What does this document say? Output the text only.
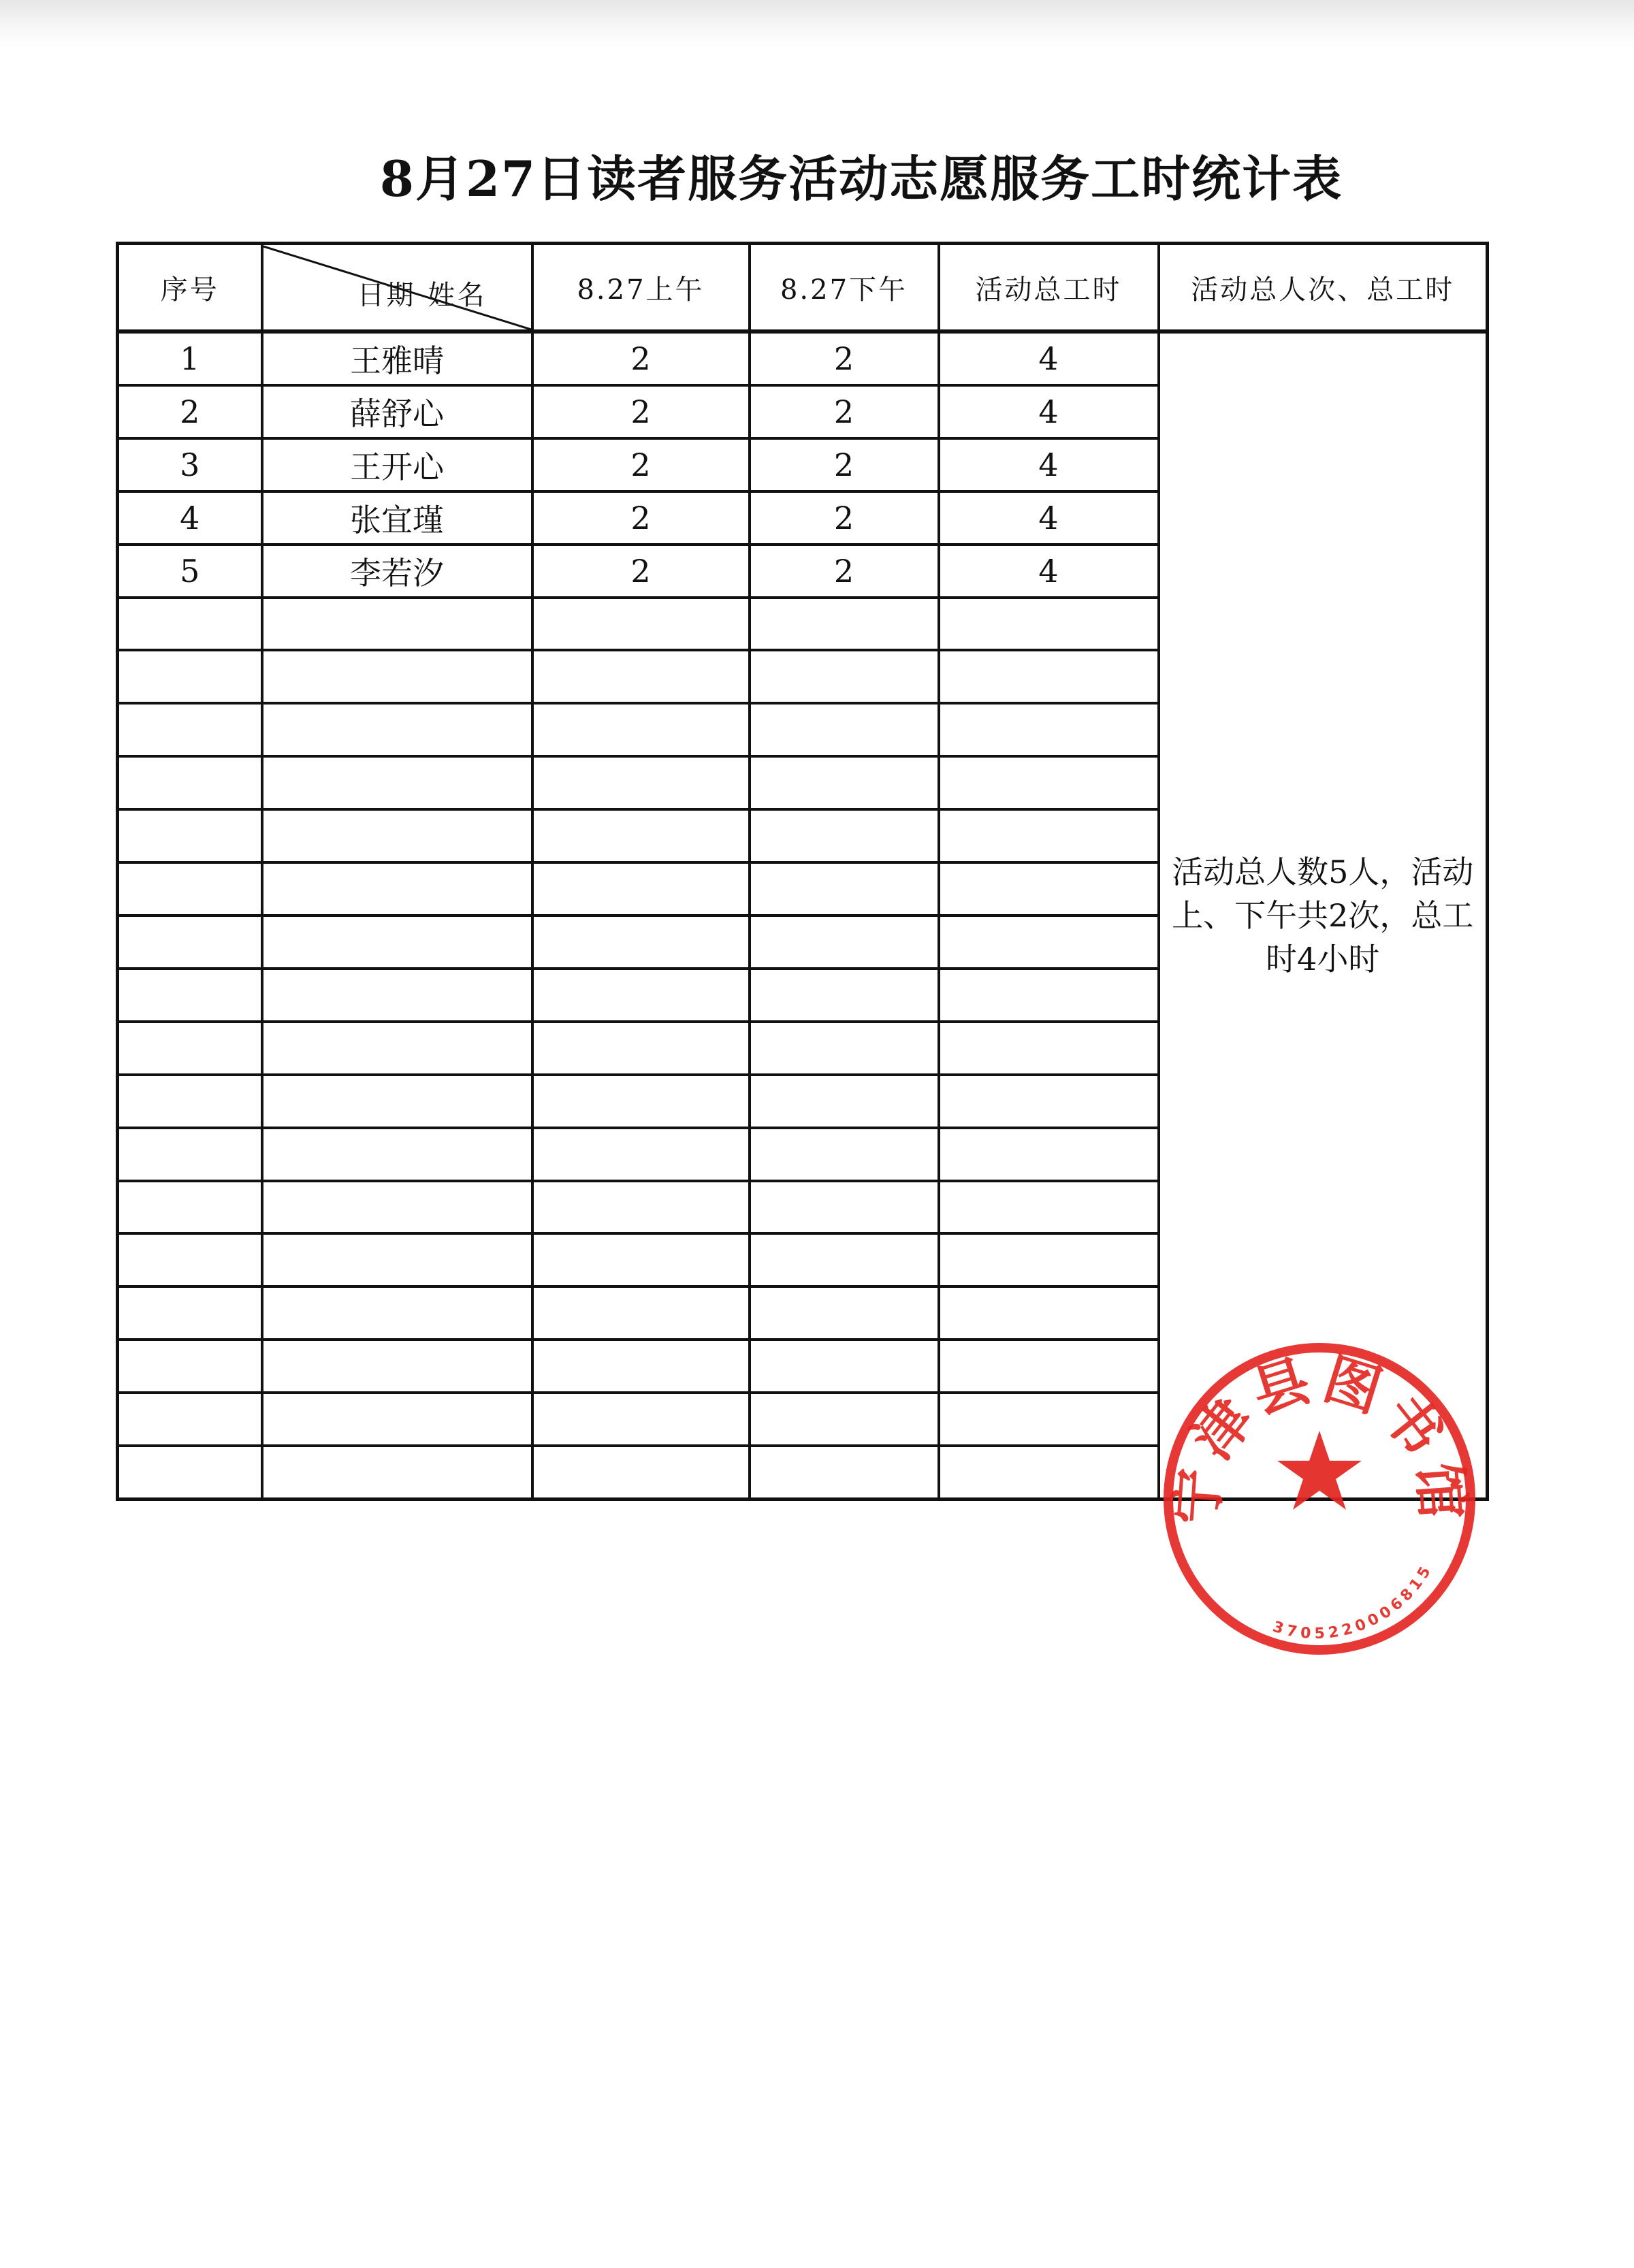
8月27日读者服务活动志愿服务工时统计表
序号	日期 姓名	8.27上午	8.27下午	活动总工时	活动总人次、总工时
1	王雅晴	2	2	4	活动总人数5人，活动上、下午共2次，总工时4小时
2	薛舒心	2	2	4	
3	王开心	2	2	4	
4	张宜瑾	2	2	4	
5	李若汐	2	2	4	

宁津县图书馆
3705220006815
